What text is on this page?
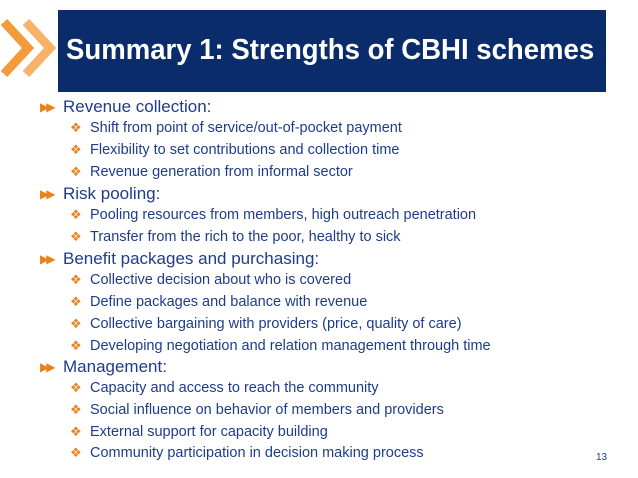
Summary 1: Strengths of CBHI schemes
▶▶ Revenue collection:
❖ Shift from point of service/out-of-pocket payment
❖ Flexibility to set contributions and collection time
❖ Revenue generation from informal sector
▶▶ Risk pooling:
❖ Pooling resources from members, high outreach penetration
❖ Transfer from the rich to the poor, healthy to sick
▶▶ Benefit packages and purchasing:
❖ Collective decision about who is covered
❖ Define packages and balance with revenue
❖ Collective bargaining with providers (price, quality of care)
❖ Developing negotiation and relation management through time
▶▶ Management:
❖ Capacity and access to reach the community
❖ Social influence on behavior of members and providers
❖ External support for capacity building
❖ Community participation in decision making process	13
